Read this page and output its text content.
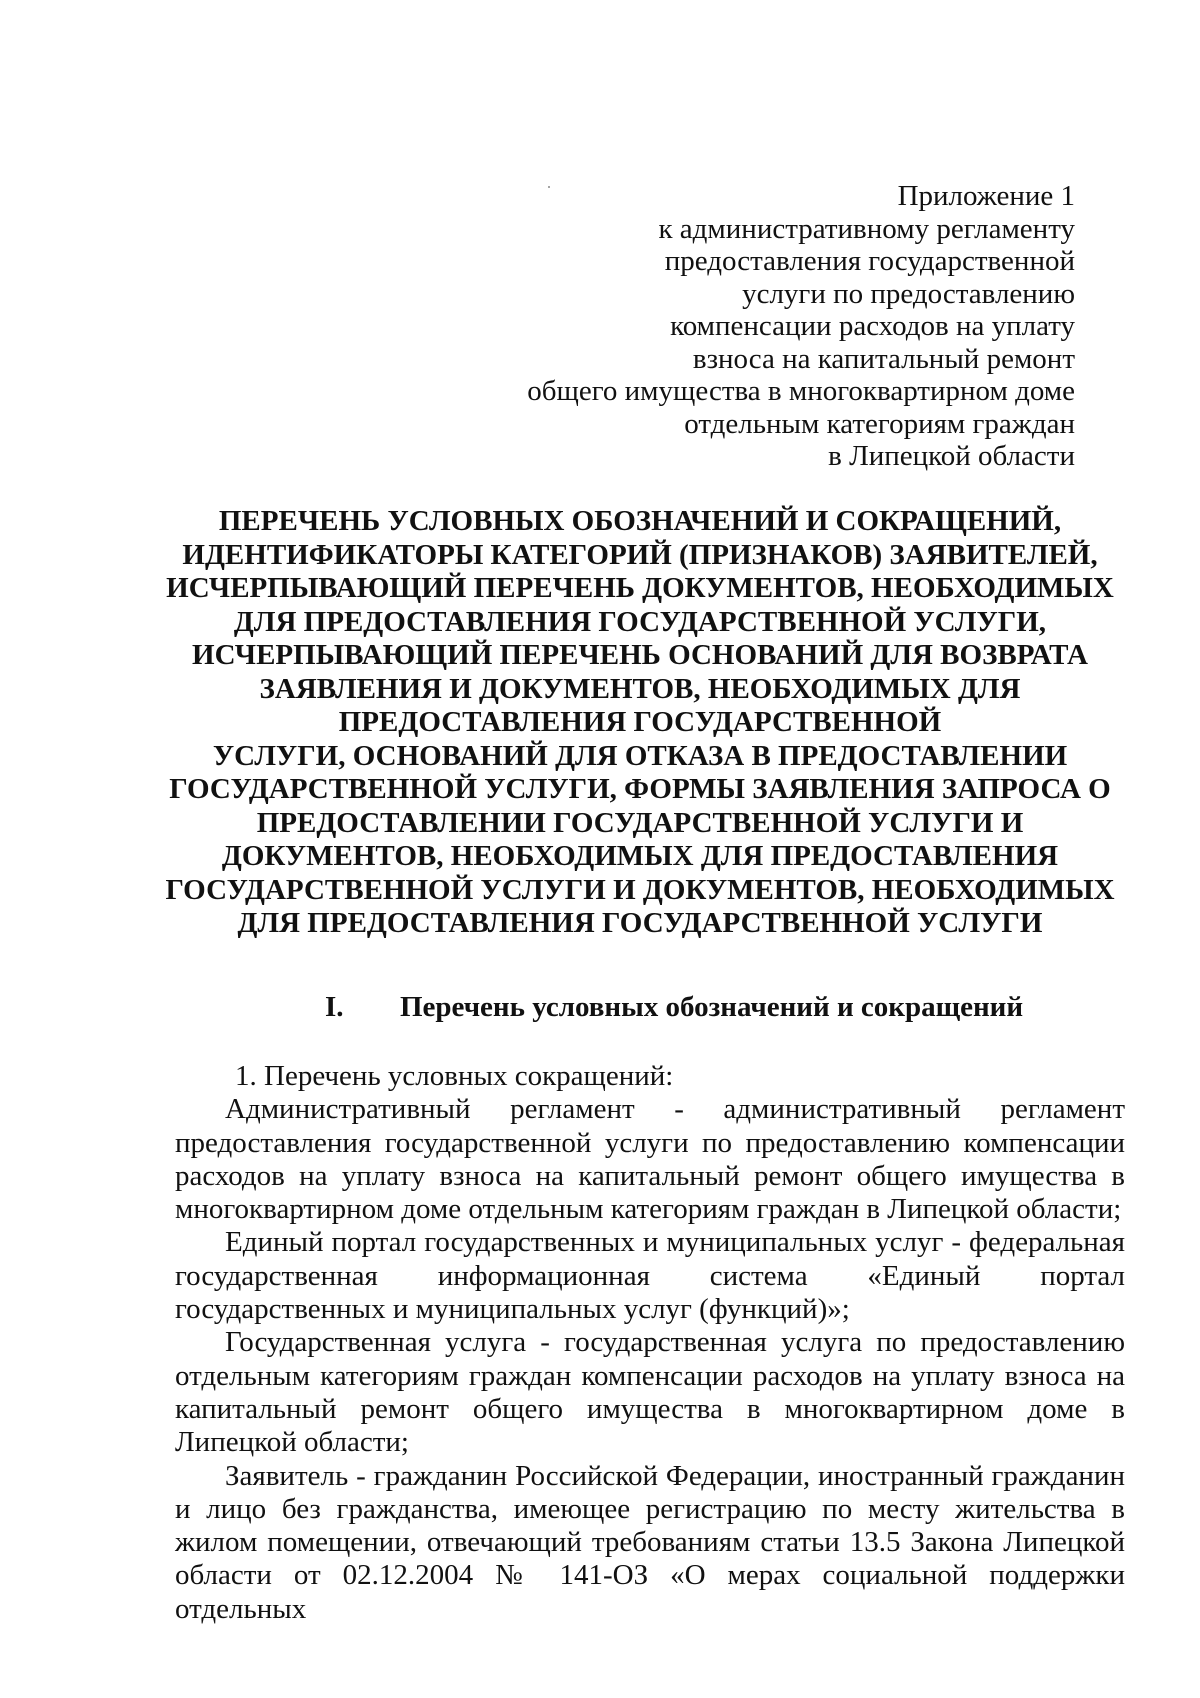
Приложение 1
к административному регламенту
предоставления государственной
услуги по предоставлению
компенсации расходов на уплату
взноса на капитальный ремонт
общего имущества в многоквартирном доме
отдельным категориям граждан
в Липецкой области
ПЕРЕЧЕНЬ УСЛОВНЫХ ОБОЗНАЧЕНИЙ И СОКРАЩЕНИЙ,
ИДЕНТИФИКАТОРЫ КАТЕГОРИЙ (ПРИЗНАКОВ) ЗАЯВИТЕЛЕЙ,
ИСЧЕРПЫВАЮЩИЙ ПЕРЕЧЕНЬ ДОКУМЕНТОВ, НЕОБХОДИМЫХ
ДЛЯ ПРЕДОСТАВЛЕНИЯ ГОСУДАРСТВЕННОЙ УСЛУГИ,
ИСЧЕРПЫВАЮЩИЙ ПЕРЕЧЕНЬ ОСНОВАНИЙ ДЛЯ ВОЗВРАТА
ЗАЯВЛЕНИЯ И ДОКУМЕНТОВ, НЕОБХОДИМЫХ ДЛЯ
ПРЕДОСТАВЛЕНИЯ ГОСУДАРСТВЕННОЙ
УСЛУГИ, ОСНОВАНИЙ ДЛЯ ОТКАЗА В ПРЕДОСТАВЛЕНИИ
ГОСУДАРСТВЕННОЙ УСЛУГИ, ФОРМЫ ЗАЯВЛЕНИЯ ЗАПРОСА О
ПРЕДОСТАВЛЕНИИ ГОСУДАРСТВЕННОЙ УСЛУГИ И
ДОКУМЕНТОВ, НЕОБХОДИМЫХ ДЛЯ ПРЕДОСТАВЛЕНИЯ
ГОСУДАРСТВЕННОЙ УСЛУГИ И ДОКУМЕНТОВ, НЕОБХОДИМЫХ
ДЛЯ ПРЕДОСТАВЛЕНИЯ ГОСУДАРСТВЕННОЙ УСЛУГИ
I. Перечень условных обозначений и сокращений

1. Перечень условных сокращений:

Административный регламент - административный регламент предоставления государственной услуги по предоставлению компенсации расходов на уплату взноса на капитальный ремонт общего имущества в многоквартирном доме отдельным категориям граждан в Липецкой области;

Единый портал государственных и муниципальных услуг - федеральная государственная информационная система «Единый портал государственных и муниципальных услуг (функций)»;

Государственная услуга - государственная услуга по предоставлению отдельным категориям граждан компенсации расходов на уплату взноса на капитальный ремонт общего имущества в многоквартирном доме в Липецкой области;

Заявитель - гражданин Российской Федерации, иностранный гражданин и лицо без гражданства, имеющее регистрацию по месту жительства в жилом помещении, отвечающий требованиям статьи 13.5 Закона Липецкой области от 02.12.2004 № 141-ОЗ «О мерах социальной поддержки отдельных
